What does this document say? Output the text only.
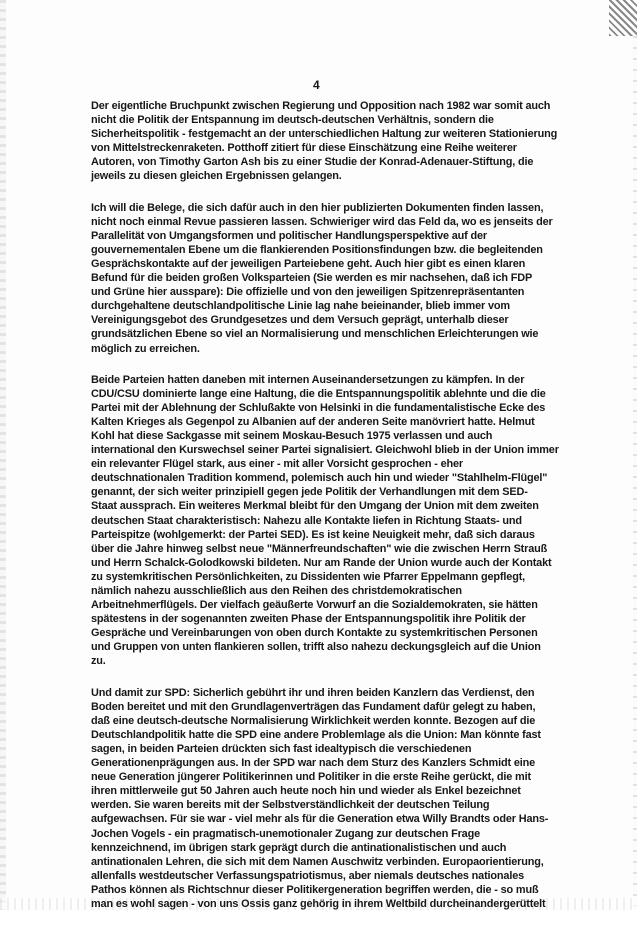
4
Der eigentliche Bruchpunkt zwischen Regierung und Opposition nach 1982 war somit auch
nicht die Politik der Entspannung im deutsch-deutschen Verhältnis, sondern die
Sicherheitspolitik - festgemacht an der unterschiedlichen Haltung zur weiteren Stationierung
von Mittelstreckenraketen. Potthoff zitiert für diese Einschätzung eine Reihe weiterer
Autoren, von Timothy Garton Ash bis zu einer Studie der Konrad-Adenauer-Stiftung, die
jeweils zu diesen gleichen Ergebnissen gelangen.
Ich will die Belege, die sich dafür auch in den hier publizierten Dokumenten finden lassen,
nicht noch einmal Revue passieren lassen. Schwieriger wird das Feld da, wo es jenseits der
Parallelität von Umgangsformen und politischer Handlungsperspektive auf der
gouvernementalen Ebene um die flankierenden Positionsfindungen bzw. die begleitenden
Gesprächskontakte auf der jeweiligen Parteiebene geht. Auch hier gibt es einen klaren
Befund für die beiden großen Volksparteien (Sie werden es mir nachsehen, daß ich FDP
und Grüne hier ausspare): Die offizielle und von den jeweiligen Spitzenrepräsentanten
durchgehaltene deutschlandpolitische Linie lag nahe beieinander, blieb immer vom
Vereinigungsgebot des Grundgesetzes und dem Versuch geprägt, unterhalb dieser
grundsätzlichen Ebene so viel an Normalisierung und menschlichen Erleichterungen wie
möglich zu erreichen.
Beide Parteien hatten daneben mit internen Auseinandersetzungen zu kämpfen. In der
CDU/CSU dominierte lange eine Haltung, die die Entspannungspolitik ablehnte und die die
Partei mit der Ablehnung der Schlußakte von Helsinki in die fundamentalistische Ecke des
Kalten Krieges als Gegenpol zu Albanien auf der anderen Seite manövriert hatte. Helmut
Kohl hat diese Sackgasse mit seinem Moskau-Besuch 1975 verlassen und auch
international den Kurswechsel seiner Partei signalisiert. Gleichwohl blieb in der Union immer
ein relevanter Flügel stark, aus einer - mit aller Vorsicht gesprochen - eher
deutschnationalen Tradition kommend, polemisch auch hin und wieder "Stahlhelm-Flügel"
genannt, der sich weiter prinzipiell gegen jede Politik der Verhandlungen mit dem SED-
Staat aussprach. Ein weiteres Merkmal bleibt für den Umgang der Union mit dem zweiten
deutschen Staat charakteristisch: Nahezu alle Kontakte liefen in Richtung Staats- und
Parteispitze (wohlgemerkt: der Partei SED). Es ist keine Neuigkeit mehr, daß sich daraus
über die Jahre hinweg selbst neue "Männerfreundschaften" wie die zwischen Herrn Strauß
und Herrn Schalck-Golodkowski bildeten. Nur am Rande der Union wurde auch der Kontakt
zu systemkritischen Persönlichkeiten, zu Dissidenten wie Pfarrer Eppelmann gepflegt,
nämlich nahezu ausschließlich aus den Reihen des christdemokratischen
Arbeitnehmerflügels. Der vielfach geäußerte Vorwurf an die Sozialdemokraten, sie hätten
spätestens in der sogenannten zweiten Phase der Entspannungspolitik ihre Politik der
Gespräche und Vereinbarungen von oben durch Kontakte zu systemkritischen Personen
und Gruppen von unten flankieren sollen, trifft also nahezu deckungsgleich auf die Union
zu.
Und damit zur SPD: Sicherlich gebührt ihr und ihren beiden Kanzlern das Verdienst, den
Boden bereitet und mit den Grundlagenverträgen das Fundament dafür gelegt zu haben,
daß eine deutsch-deutsche Normalisierung Wirklichkeit werden konnte. Bezogen auf die
Deutschlandpolitik hatte die SPD eine andere Problemlage als die Union: Man könnte fast
sagen, in beiden Parteien drückten sich fast idealtypisch die verschiedenen
Generationenprägungen aus. In der SPD war nach dem Sturz des Kanzlers Schmidt eine
neue Generation jüngerer Politikerinnen und Politiker in die erste Reihe gerückt, die mit
ihren mittlerweile gut 50 Jahren auch heute noch hin und wieder als Enkel bezeichnet
werden. Sie waren bereits mit der Selbstverständlichkeit der deutschen Teilung
aufgewachsen. Für sie war - viel mehr als für die Generation etwa Willy Brandts oder Hans-
Jochen Vogels - ein pragmatisch-unemotionaler Zugang zur deutschen Frage
kennzeichnend, im übrigen stark geprägt durch die antinationalistischen und auch
antinationalen Lehren, die sich mit dem Namen Auschwitz verbinden. Europaorientierung,
allenfalls westdeutscher Verfassungspatriotismus, aber niemals deutsches nationales
Pathos können als Richtschnur dieser Politikergeneration begriffen werden, die - so muß
man es wohl sagen - von uns Ossis ganz gehörig in ihrem Weltbild durcheinandergerüttelt
